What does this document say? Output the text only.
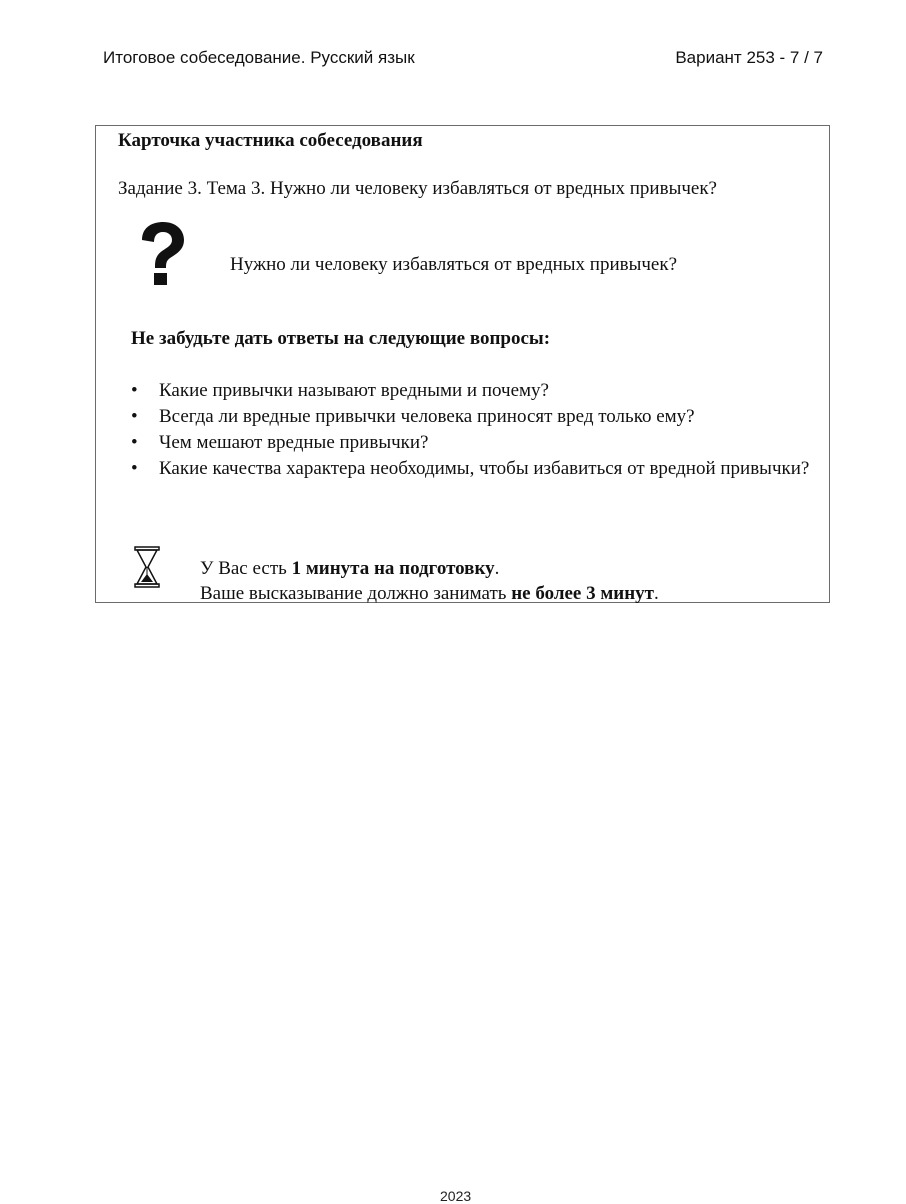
Итоговое собеседование. Русский язык	Вариант 253 - 7 / 7
Карточка участника собеседования
Задание 3. Тема 3. Нужно ли человеку избавляться от вредных привычек?
Нужно ли человеку избавляться от вредных привычек?
Не забудьте дать ответы на следующие вопросы:
• Какие привычки называют вредными и почему?
• Всегда ли вредные привычки человека приносят вред только ему?
• Чем мешают вредные привычки?
• Какие качества характера необходимы, чтобы избавиться от вредной привычки?
У Вас есть 1 минута на подготовку.
Ваше высказывание должно занимать не более 3 минут.
2023
